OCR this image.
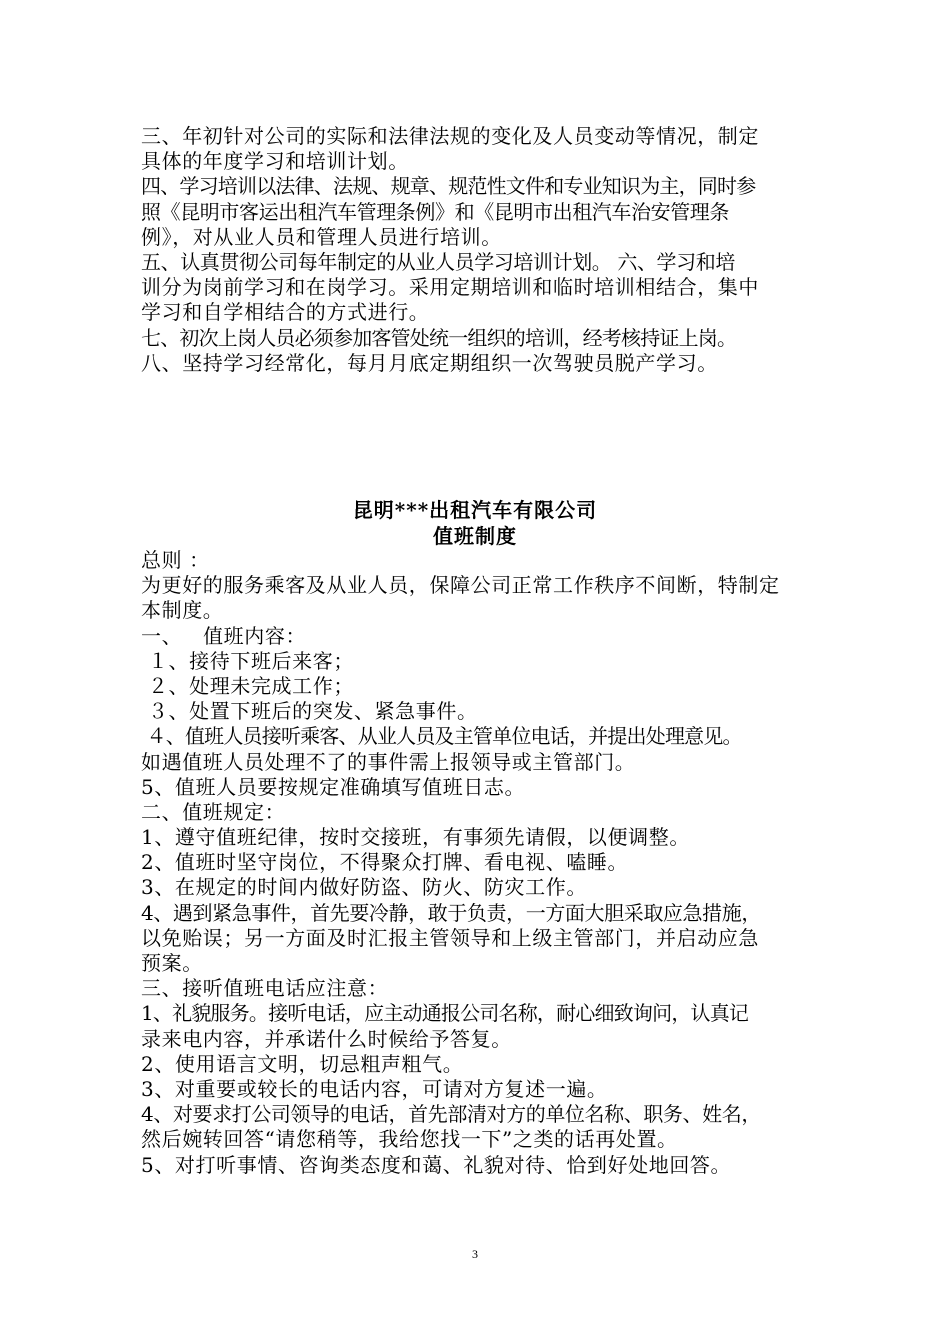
三、年初针对公司的实际和法律法规的变化及人员变动等情况，制定
具体的年度学习和培训计划。
四、学习培训以法律、法规、规章、规范性文件和专业知识为主，同时参
照《昆明市客运出租汽车管理条例》和《昆明市出租汽车治安管理条
例》，对从业人员和管理人员进行培训。
五、认真贯彻公司每年制定的从业人员学习培训计划。 六、学习和培
训分为岗前学习和在岗学习。采用定期培训和临时培训相结合，集中
学习和自学相结合的方式进行。
七、初次上岗人员必须参加客管处统一组织的培训，经考核持证上岗。
八、坚持学习经常化，每月月底定期组织一次驾驶员脱产学习。
昆明***出租汽车有限公司
值班制度
总则 ：
为更好的服务乘客及从业人员，保障公司正常工作秩序不间断，特制定
本制度。
一、   值班内容：
１、接待下班后来客；
２、处理未完成工作；
３、处置下班后的突发、紧急事件。
４、值班人员接听乘客、从业人员及主管单位电话，并提出处理意见。
如遇值班人员处理不了的事件需上报领导或主管部门。
5、值班人员要按规定准确填写值班日志。
二、值班规定：
1、遵守值班纪律，按时交接班，有事须先请假，以便调整。
2、值班时坚守岗位，不得聚众打牌、看电视、嗑睡。
3、在规定的时间内做好防盗、防火、防灾工作。
4、遇到紧急事件，首先要冷静，敢于负责，一方面大胆采取应急措施，
以免贻误；另一方面及时汇报主管领导和上级主管部门，并启动应急
预案。
三、接听值班电话应注意：
1、礼貌服务。接听电话，应主动通报公司名称，耐心细致询问，认真记
录来电内容，并承诺什么时候给予答复。
2、使用语言文明，切忌粗声粗气。
3、对重要或较长的电话内容，可请对方复述一遍。
4、对要求打公司领导的电话，首先部清对方的单位名称、职务、姓名，
然后婉转回答“请您稍等，我给您找一下”之类的话再处置。
5、对打听事情、咨询类态度和蔼、礼貌对待、恰到好处地回答。
3
